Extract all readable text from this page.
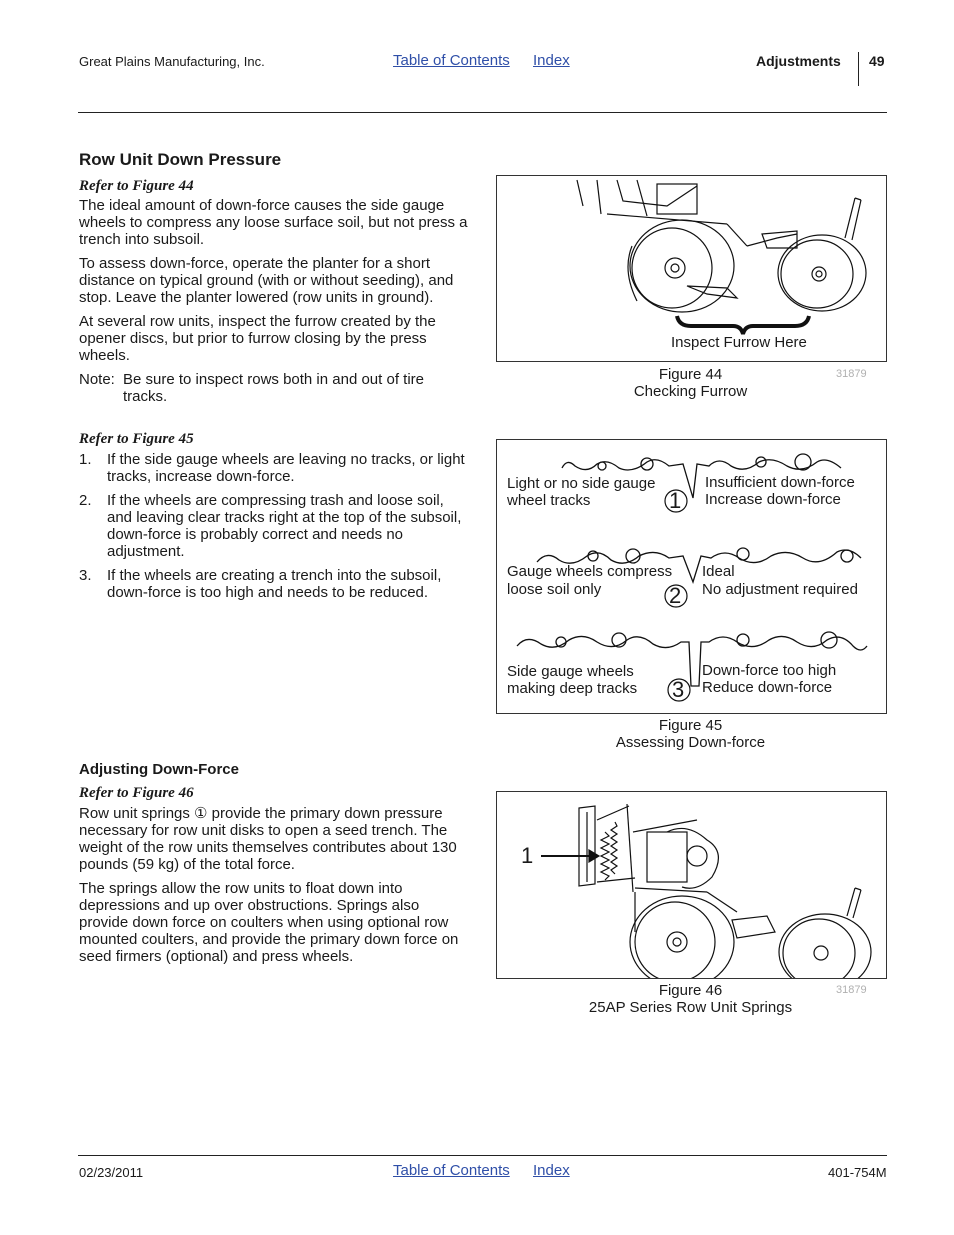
Great Plains Manufacturing, Inc.	Table of Contents Index	Adjustments 49
Row Unit Down Pressure
Refer to Figure 44

The ideal amount of down-force causes the side gauge wheels to compress any loose surface soil, but not press a trench into subsoil.

To assess down-force, operate the planter for a short distance on typical ground (with or without seeding), and stop. Leave the planter lowered (row units in ground).

At several row units, inspect the furrow created by the opener discs, but prior to furrow closing by the press wheels.

Note: Be sure to inspect rows both in and out of tire tracks.
Refer to Figure 45
1. If the side gauge wheels are leaving no tracks, or light tracks, increase down-force.
2. If the wheels are compressing trash and loose soil, and leaving clear tracks right at the top of the subsoil, down-force is probably correct and needs no adjustment.
3. If the wheels are creating a trench into the subsoil, down-force is too high and needs to be reduced.
Adjusting Down-Force
Refer to Figure 46

Row unit springs ① provide the primary down pressure necessary for row unit disks to open a seed trench. The weight of the row units themselves contributes about 130 pounds (59 kg) of the total force.

The springs allow the row units to float down into depressions and up over obstructions. Springs also provide down force on coulters when using optional row mounted coulters, and provide the primary down force on seed firmers (optional) and press wheels.

Inspect Furrow Here
Figure 44
Checking Furrow
31879
Light or no side gauge
wheel tracks
Insufficient down-force
Increase down-force
1
Gauge wheels compress
loose soil only
Ideal
No adjustment required
2
Side gauge wheels
making deep tracks
Down-force too high
Reduce down-force
3
Figure 45
Assessing Down-force
1
Figure 46
25AP Series Row Unit Springs
31879
02/23/2011	Table of Contents Index	401-754M
